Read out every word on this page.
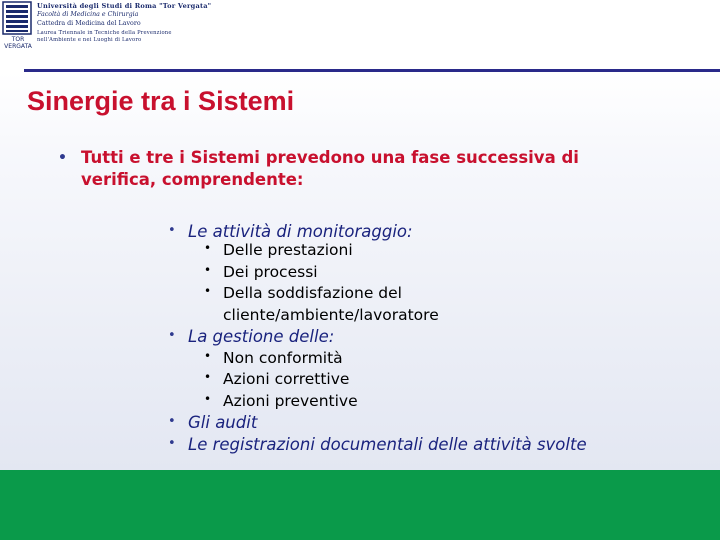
TOR VERGATA
Università degli Studi di Roma "Tor Vergata"
Facoltà di Medicina e Chirurgia
Cattedra di Medicina del Lavoro
Laurea Triennale in Tecniche della Prevenzione
nell'Ambiente e nei Luoghi di Lavoro
Sinergie tra i Sistemi
• Tutti e tre i Sistemi prevedono una fase successiva di verifica, comprendente:
• Le attività di monitoraggio:
• Delle prestazioni
• Dei processi
• Della soddisfazione del
cliente/ambiente/lavoratore
• La gestione delle:
• Non conformità
• Azioni correttive
• Azioni preventive
• Gli audit
• Le registrazioni documentali delle attività svolte
